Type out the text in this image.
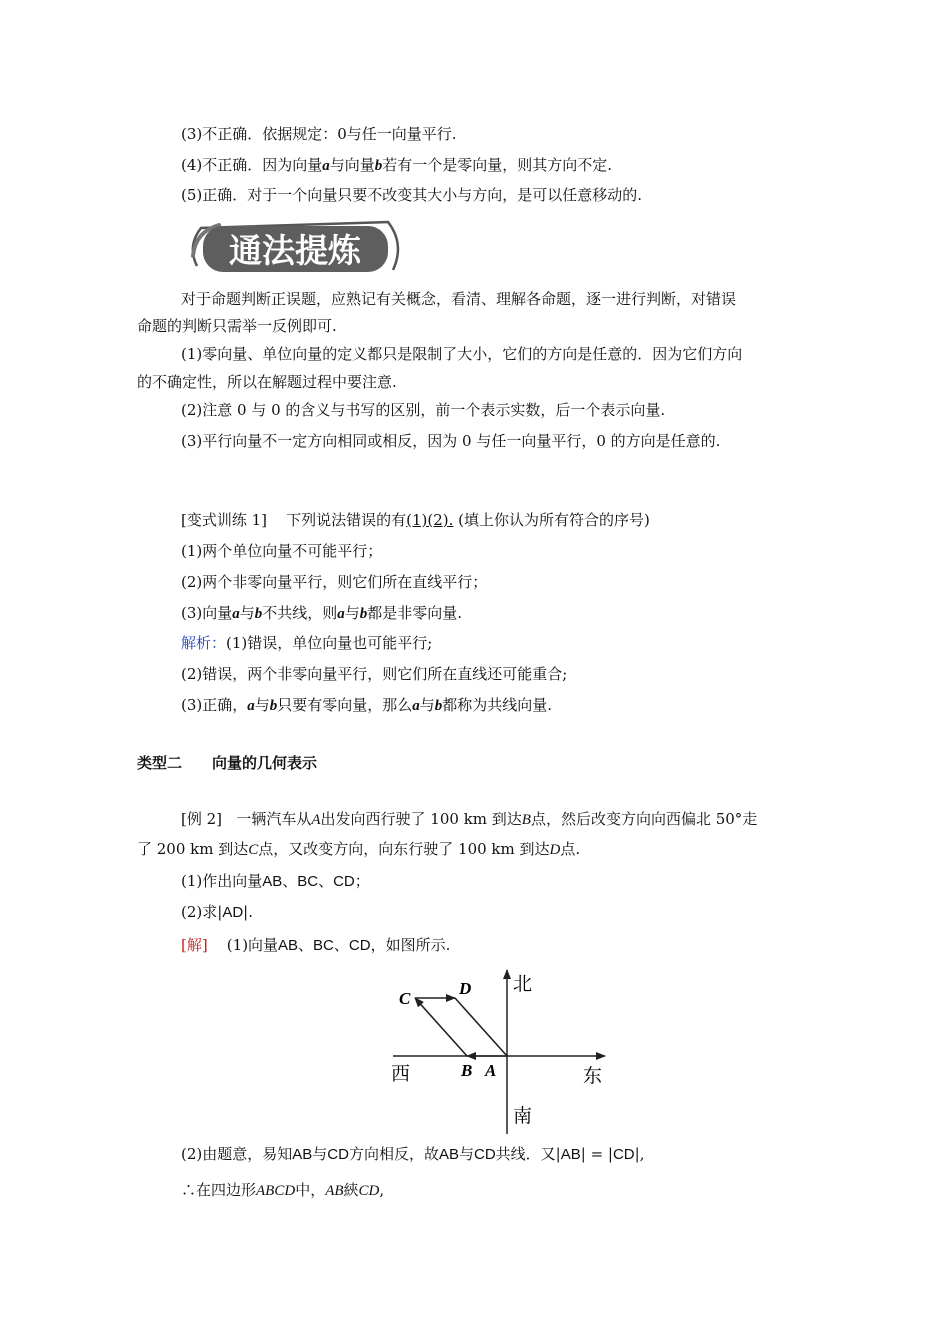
(3)不正确．依据规定：0与任一向量平行.
(4)不正确．因为向量a与向量b若有一个是零向量，则其方向不定.
(5)正确．对于一个向量只要不改变其大小与方向，是可以任意移动的.
通法提炼
对于命题判断正误题，应熟记有关概念，看清、理解各命题，逐一进行判断，对错误
命题的判断只需举一反例即可.
(1)零向量、单位向量的定义都只是限制了大小，它们的方向是任意的．因为它们方向
的不确定性，所以在解题过程中要注意.
(2)注意 0 与 0 的含义与书写的区别，前一个表示实数，后一个表示向量.
(3)平行向量不一定方向相同或相反，因为 0 与任一向量平行，0 的方向是任意的.
[变式训练 1] 下列说法错误的有(1)(2). (填上你认为所有符合的序号)
(1)两个单位向量不可能平行；
(2)两个非零向量平行，则它们所在直线平行；
(3)向量a与b不共线，则a与b都是非零向量.
解析：(1)错误，单位向量也可能平行;
(2)错误，两个非零向量平行，则它们所在直线还可能重合;
(3)正确，a与b只要有零向量，那么a与b都称为共线向量.
类型二 向量的几何表示
[例 2] 一辆汽车从A出发向西行驶了 100 km 到达B点，然后改变方向向西偏北 50°走
了 200 km 到达C点，又改变方向，向东行驶了 100 km 到达D点.
(1)作出向量AB、BC、CD；
(2)求|AD|.
[解] (1)向量AB、BC、CD，如图所示.
北
南
东
西	A
B
C
D
(2)由题意，易知AB与CD方向相反，故AB与CD共线．又|AB| = |CD|,
∴在四边形ABCD中，AB綊CD,
